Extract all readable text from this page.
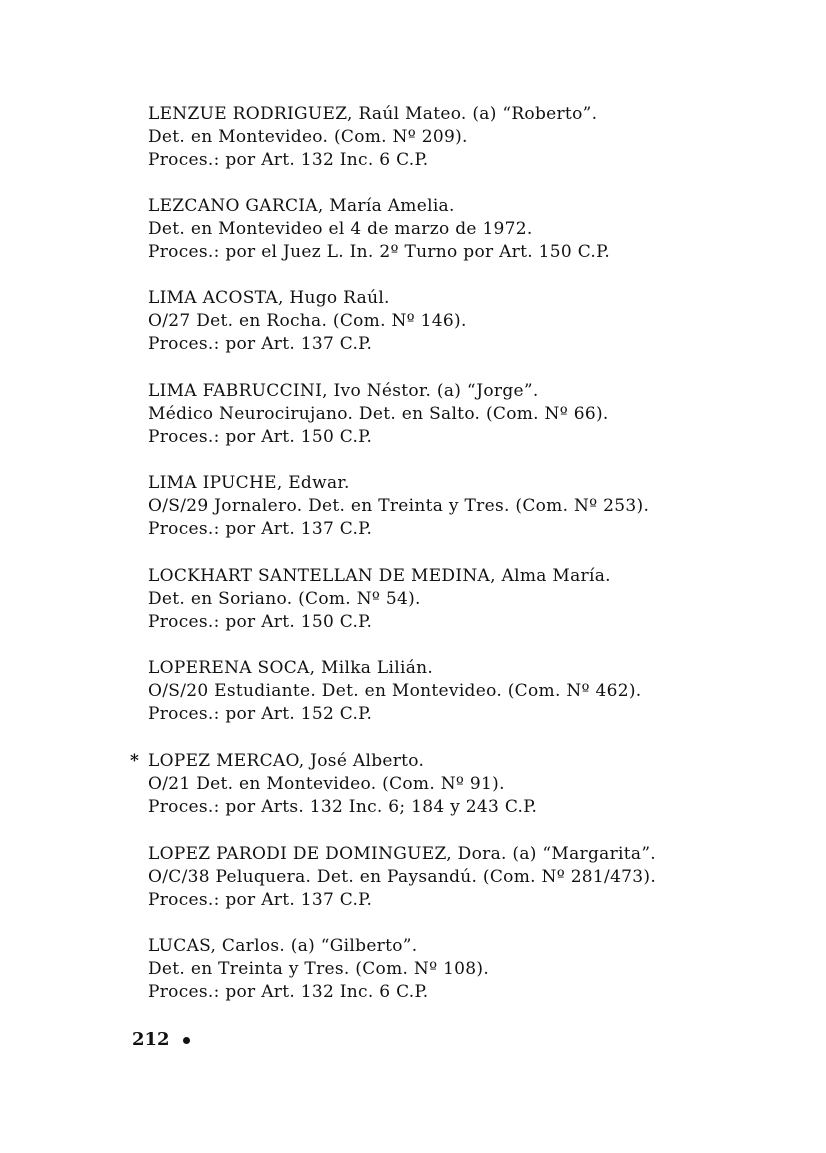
LENZUE RODRIGUEZ, Raúl Mateo. (a) “Roberto”.
Det. en Montevideo. (Com. Nº 209).
Proces.: por Art. 132 Inc. 6 C.P.
LEZCANO GARCIA, María Amelia.
Det. en Montevideo el 4 de marzo de 1972.
Proces.: por el Juez L. In. 2º Turno por Art. 150 C.P.
LIMA ACOSTA, Hugo Raúl.
O/27 Det. en Rocha. (Com. Nº 146).
Proces.: por Art. 137 C.P.
LIMA FABRUCCINI, Ivo Néstor. (a) “Jorge”.
Médico Neurocirujano. Det. en Salto. (Com. Nº 66).
Proces.: por Art. 150 C.P.
LIMA IPUCHE, Edwar.
O/S/29 Jornalero. Det. en Treinta y Tres. (Com. Nº 253).
Proces.: por Art. 137 C.P.
LOCKHART SANTELLAN DE MEDINA, Alma María.
Det. en Soriano. (Com. Nº 54).
Proces.: por Art. 150 C.P.
LOPERENA SOCA, Milka Lilián.
O/S/20 Estudiante. Det. en Montevideo. (Com. Nº 462).
Proces.: por Art. 152 C.P.
* LOPEZ MERCAO, José Alberto.
O/21 Det. en Montevideo. (Com. Nº 91).
Proces.: por Arts. 132 Inc. 6; 184 y 243 C.P.
LOPEZ PARODI DE DOMINGUEZ, Dora. (a) “Margarita”.
O/C/38 Peluquera. Det. en Paysandú. (Com. Nº 281/473).
Proces.: por Art. 137 C.P.
LUCAS, Carlos. (a) “Gilberto”.
Det. en Treinta y Tres. (Com. Nº 108).
Proces.: por Art. 132 Inc. 6 C.P.
212
